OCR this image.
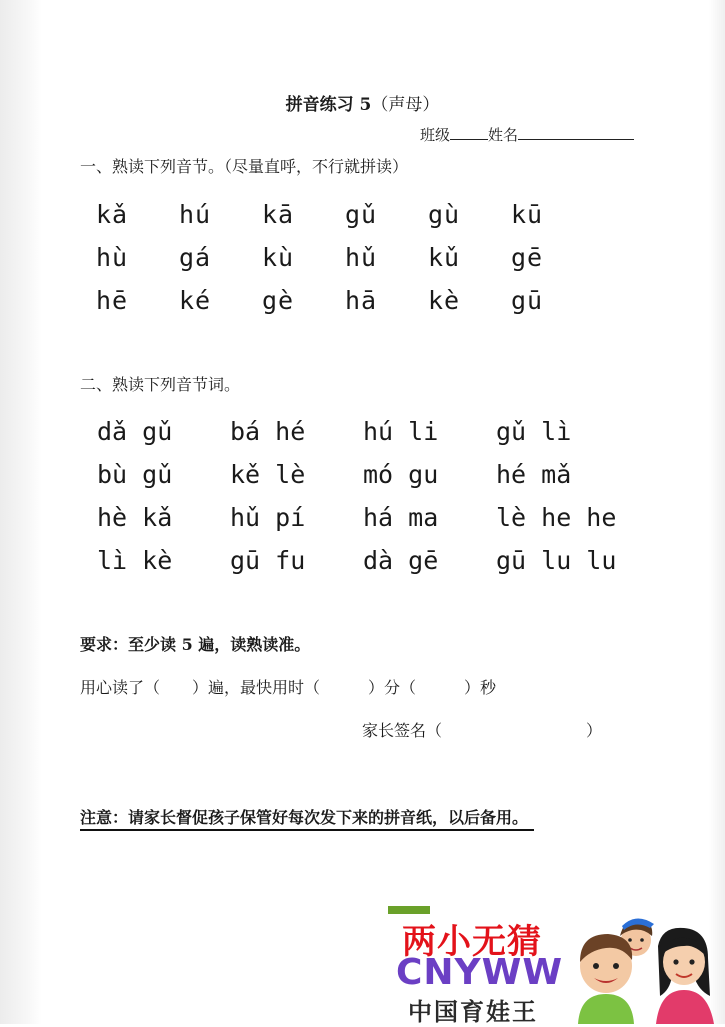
拼音练习 5（声母）
班级	姓名
一、熟读下列音节。（尽量直呼，不行就拼读）
kǎ	hú	kā	gǔ	gù	kū
hù	gá	kù	hǔ	kǔ	gē
hē	ké	gè	hā	kè	gū
二、熟读下列音节词。
dǎ gǔ	bá hé	hú li	gǔ lì
bù gǔ	kě lè	mó gu	hé mǎ
hè kǎ	hǔ pí	há ma	lè he he
lì kè	gū fu	dà gē	gū lu lu
要求：至少读 5 遍，读熟读准。
用心读了（　　）遍，最快用时（　　　）分（　　　）秒
家长签名（　　　　　　　　　）
注意：请家长督促孩子保管好每次发下来的拼音纸，以后备用。
两小无猜
CNYWW
中国育娃王
